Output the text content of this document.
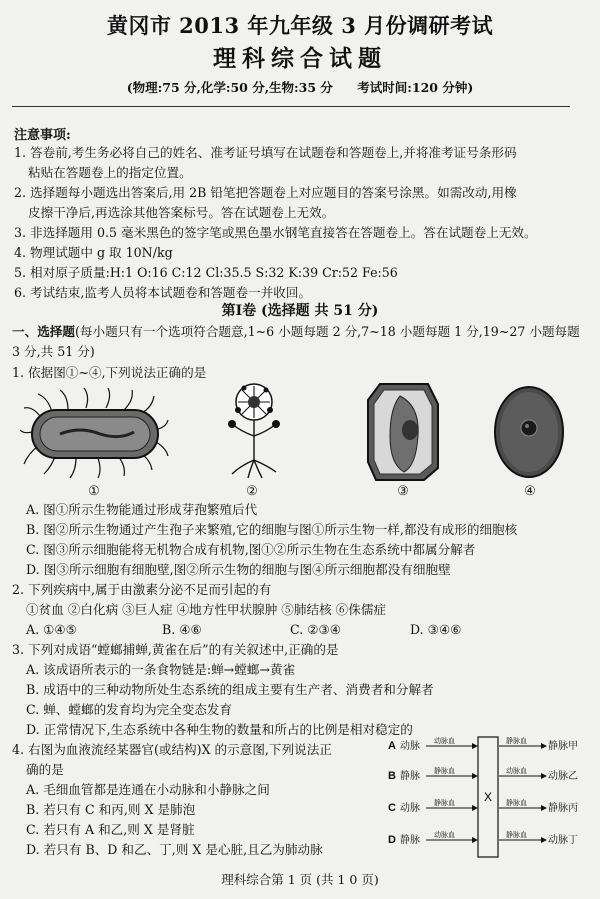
黄冈市 2013 年九年级 3 月份调研考试
理科综合试题
(物理:75 分,化学:50 分,生物:35 分 考试时间:120 分钟)
注意事项:
1. 答卷前,考生务必将自己的姓名、准考证号填写在试题卷和答题卷上,并将准考证号条形码
粘贴在答题卷上的指定位置。
2. 选择题每小题选出答案后,用 2B 铅笔把答题卷上对应题目的答案号涂黑。如需改动,用橡
皮擦干净后,再选涂其他答案标号。答在试题卷上无效。
3. 非选择题用 0.5 毫米黑色的签字笔或黑色墨水钢笔直接答在答题卷上。答在试题卷上无效。
4. 物理试题中 g 取 10N/kg
5. 相对原子质量:H:1 O:16 C:12 Cl:35.5 S:32 K:39 Cr:52 Fe:56
6. 考试结束,监考人员将本试题卷和答题卷一并收回。
第Ⅰ卷 (选择题 共 51 分)
一、选择题(每小题只有一个选项符合题意,1~6 小题每题 2 分,7~18 小题每题 1 分,19~27 小题每题
3 分,共 51 分)
1. 依据图①~④,下列说法正确的是
①	②	③	④
A. 图①所示生物能通过形成芽孢繁殖后代
B. 图②所示生物通过产生孢子来繁殖,它的细胞与图①所示生物一样,都没有成形的细胞核
C. 图③所示细胞能将无机物合成有机物,图①②所示生物在生态系统中都属分解者
D. 图③所示细胞有细胞壁,图②所示生物的细胞与图④所示细胞都没有细胞壁
2. 下列疾病中,属于由激素分泌不足而引起的有
①贫血 ②白化病 ③巨人症 ④地方性甲状腺肿 ⑤肺结核 ⑥侏儒症
A. ①④⑤	B. ④⑥	C. ②③④	D. ③④⑥
3. 下列对成语“螳螂捕蝉,黄雀在后”的有关叙述中,正确的是
A. 该成语所表示的一条食物链是:蝉→螳螂→黄雀
B. 成语中的三种动物所处生态系统的组成主要有生产者、消费者和分解者
C. 蝉、螳螂的发育均为完全变态发育
D. 正常情况下,生态系统中各种生物的数量和所占的比例是相对稳定的
4. 右图为血液流经某器官(或结构)X 的示意图,下列说法正
确的是
A. 毛细血管都是连通在小动脉和小静脉之间
B. 若只有 C 和丙,则 X 是肺泡
C. 若只有 A 和乙,则 X 是肾脏
D. 若只有 B、D 和乙、丁,则 X 是心脏,且乙为肺动脉
X
A 动脉 动脉血
B 静脉 静脉血
C 动脉 静脉血
D 静脉 动脉血
静脉血 静脉甲
动脉血 动脉乙
静脉血 静脉丙
静脉血 动脉丁
理科综合第 1 页 (共 1 0 页)
